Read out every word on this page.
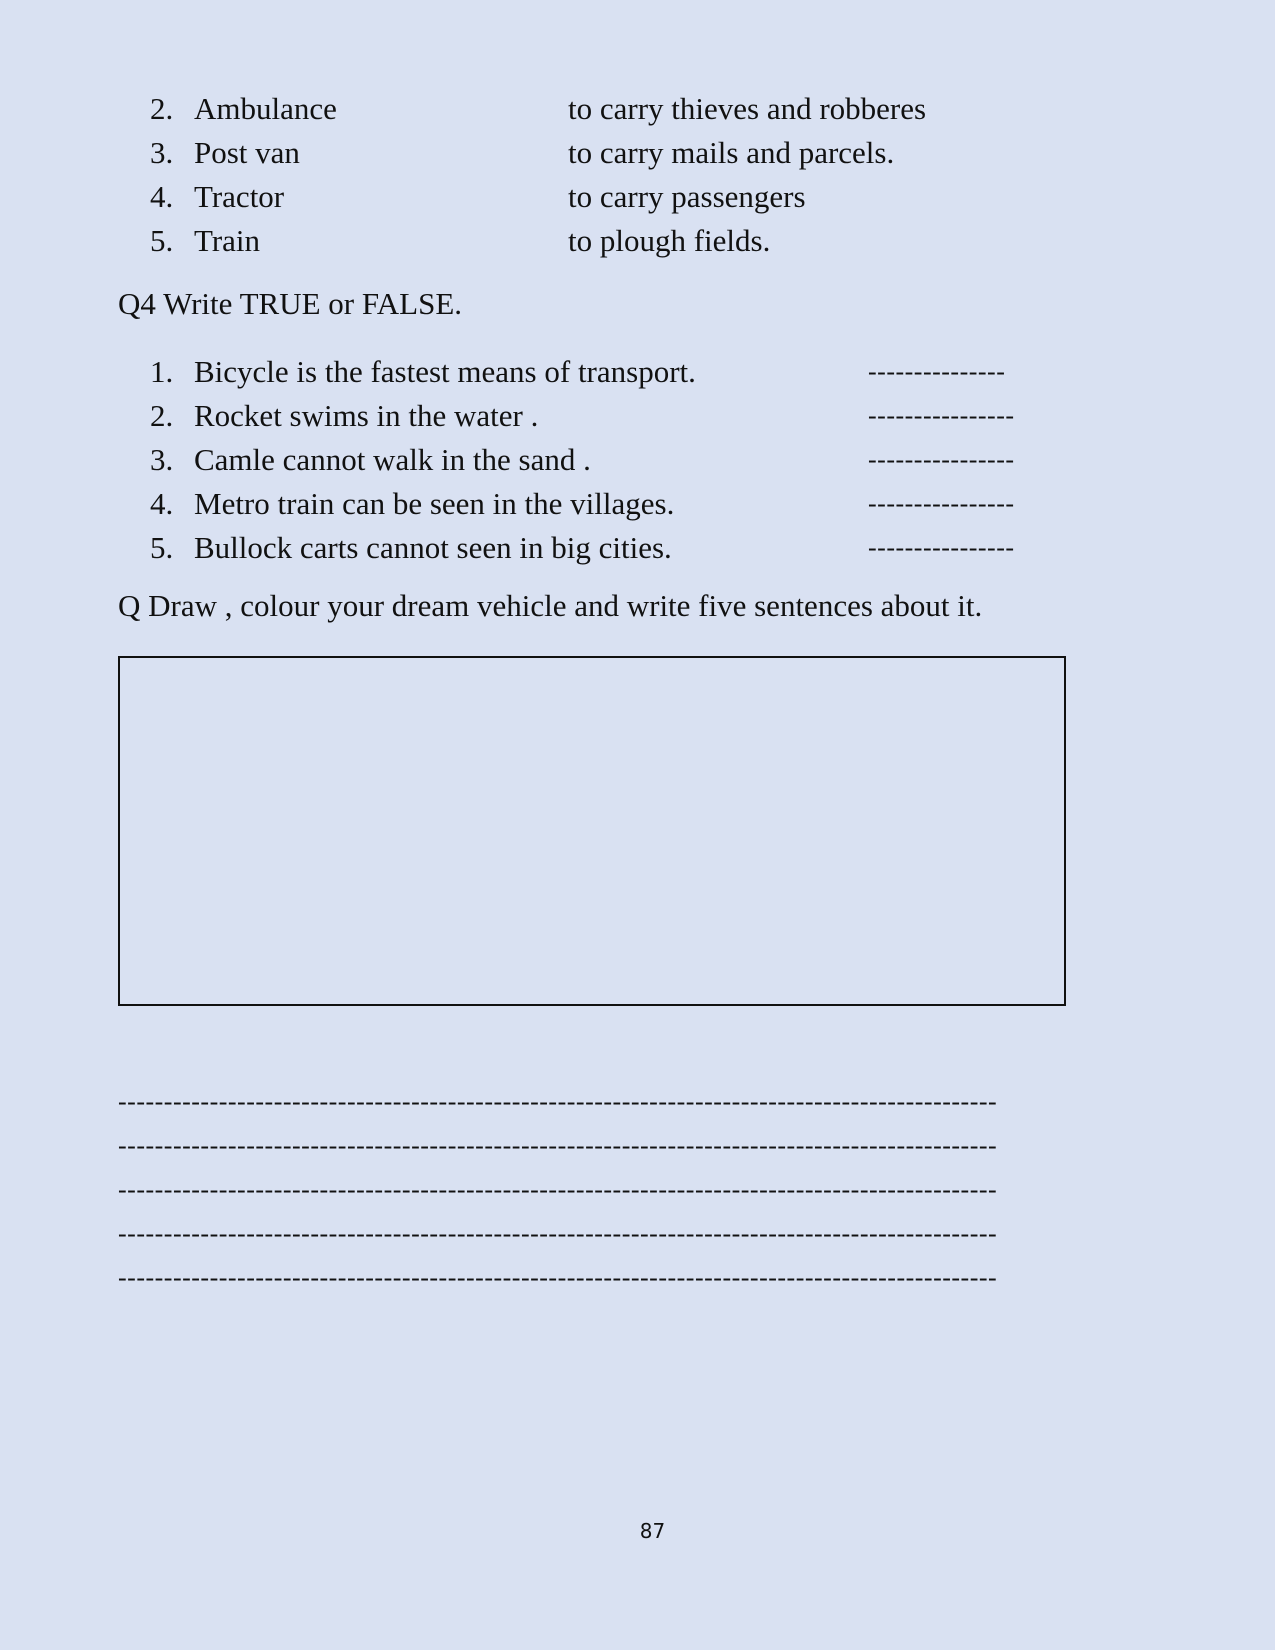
2. Ambulance	to carry thieves and robberes
3. Post van	to carry mails and parcels.
4. Tractor	to carry passengers
5. Train	to plough fields.
Q4 Write TRUE or FALSE.
1. Bicycle is the fastest means of transport.	---------------
2. Rocket swims in the water .	----------------
3. Camle cannot walk in the sand .	----------------
4. Metro train can be seen in the villages.	----------------
5. Bullock carts cannot seen in big cities.	----------------
Q Draw , colour your dream vehicle and write five sentences about it.
------------------------------------------------------------------------------------------------
------------------------------------------------------------------------------------------------
------------------------------------------------------------------------------------------------
------------------------------------------------------------------------------------------------
------------------------------------------------------------------------------------------------
87
